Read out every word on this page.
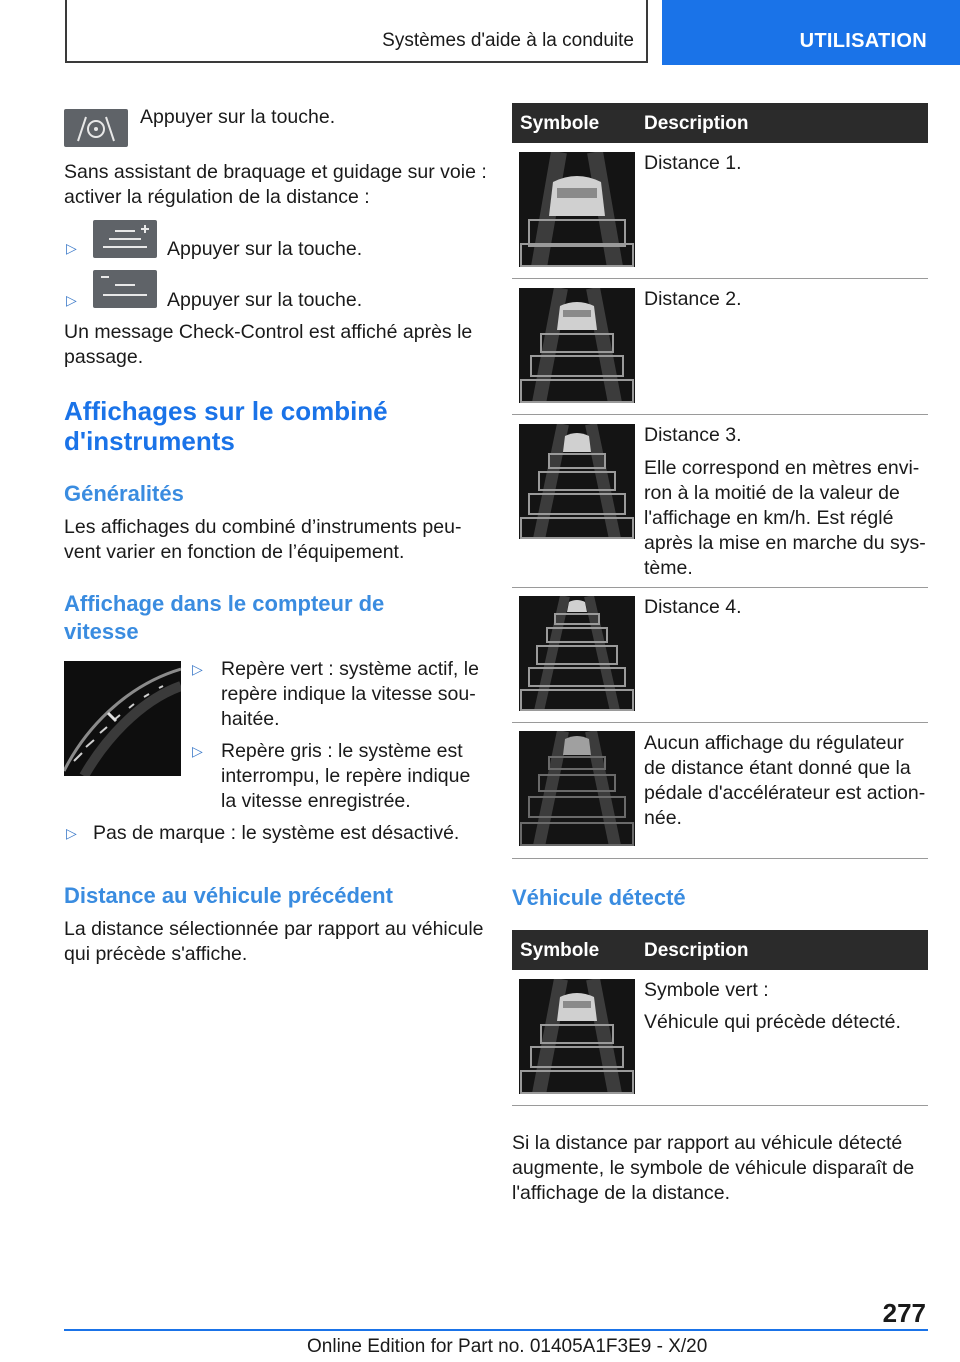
Systèmes d'aide à la conduite	UTILISATION
Appuyer sur la touche.
Sans assistant de braquage et guidage sur voie :
activer la régulation de la distance :
▷	Appuyer sur la touche.
▷	Appuyer sur la touche.
Un message Check-Control est affiché après le
passage.
Affichages sur le combiné
d'instruments
Généralités
Les affichages du combiné d’instruments peu-
vent varier en fonction de l’équipement.
Affichage dans le compteur de
vitesse
▷ Repère vert : système actif, le
repère indique la vitesse sou-
haitée.
▷ Repère gris : le système est
interrompu, le repère indique
la vitesse enregistrée.
▷ Pas de marque : le système est désactivé.
Distance au véhicule précédent
La distance sélectionnée par rapport au véhicule
qui précède s'affiche.
Symbole Description
Distance 1.
Distance 2.
Distance 3.
Elle correspond en mètres envi-
ron à la moitié de la valeur de
l'affichage en km/h. Est réglé
après la mise en marche du sys-
tème.
Distance 4.
Aucun affichage du régulateur
de distance étant donné que la
pédale d'accélérateur est action-
née.
Véhicule détecté
Symbole Description
Symbole vert :
Véhicule qui précède détecté.
Si la distance par rapport au véhicule détecté
augmente, le symbole de véhicule disparaît de
l'affichage de la distance.
277
Online Edition for Part no. 01405A1F3E9 - X/20
